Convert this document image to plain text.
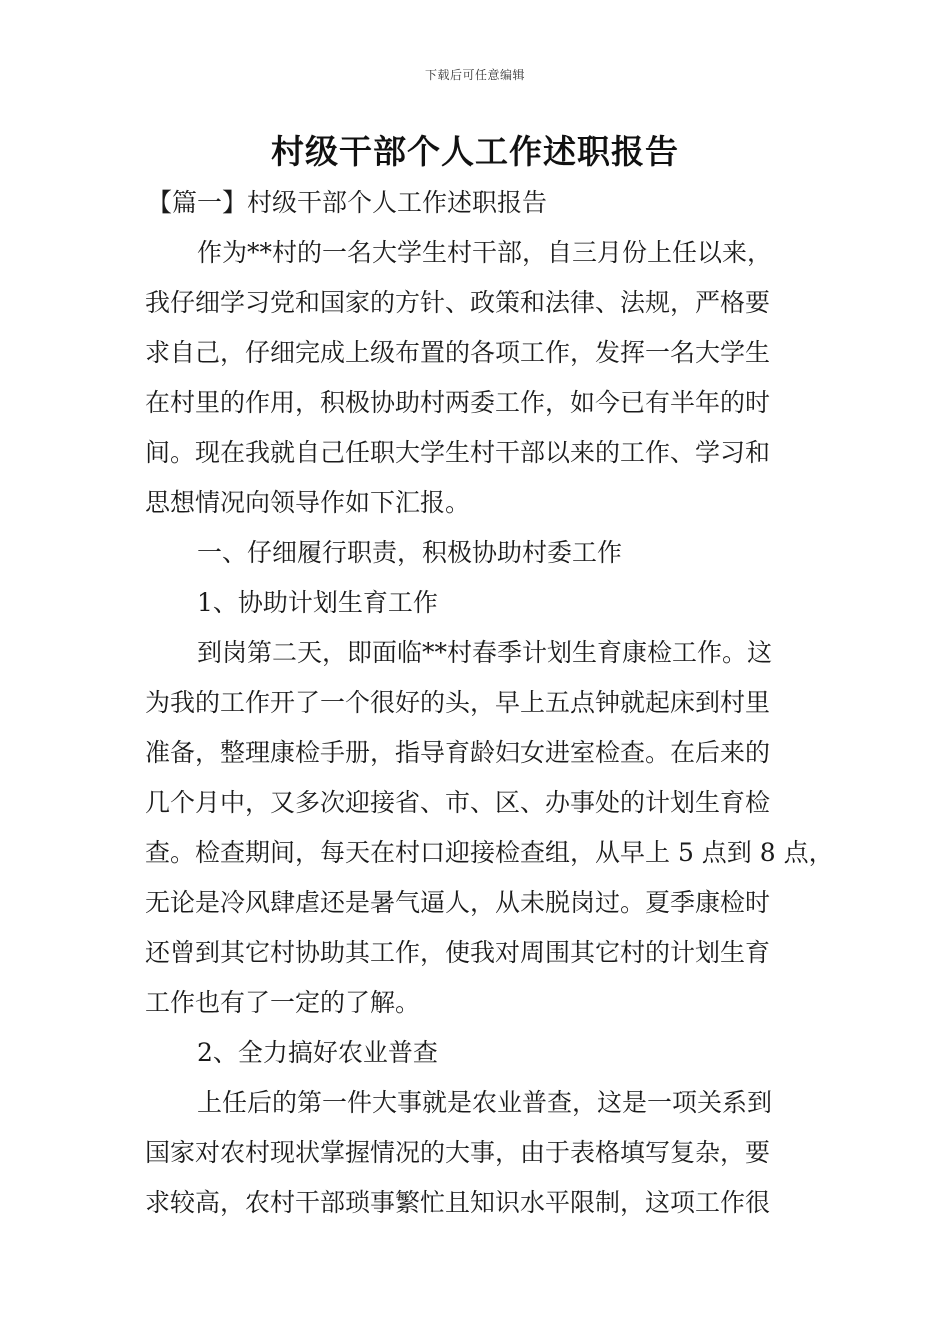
下载后可任意编辑
村级干部个人工作述职报告
【篇一】村级干部个人工作述职报告
作为**村的一名大学生村干部，自三月份上任以来，
我仔细学习党和国家的方针、政策和法律、法规，严格要
求自己，仔细完成上级布置的各项工作，发挥一名大学生
在村里的作用，积极协助村两委工作，如今已有半年的时
间。现在我就自己任职大学生村干部以来的工作、学习和
思想情况向领导作如下汇报。
一、仔细履行职责，积极协助村委工作
1、协助计划生育工作
到岗第二天，即面临**村春季计划生育康检工作。这
为我的工作开了一个很好的头，早上五点钟就起床到村里
准备，整理康检手册，指导育龄妇女进室检查。在后来的
几个月中，又多次迎接省、市、区、办事处的计划生育检
查。检查期间，每天在村口迎接检查组，从早上 5 点到 8 点，
无论是冷风肆虐还是暑气逼人，从未脱岗过。夏季康检时
还曾到其它村协助其工作，使我对周围其它村的计划生育
工作也有了一定的了解。
2、全力搞好农业普查
上任后的第一件大事就是农业普查，这是一项关系到
国家对农村现状掌握情况的大事，由于表格填写复杂，要
求较高，农村干部琐事繁忙且知识水平限制，这项工作很
